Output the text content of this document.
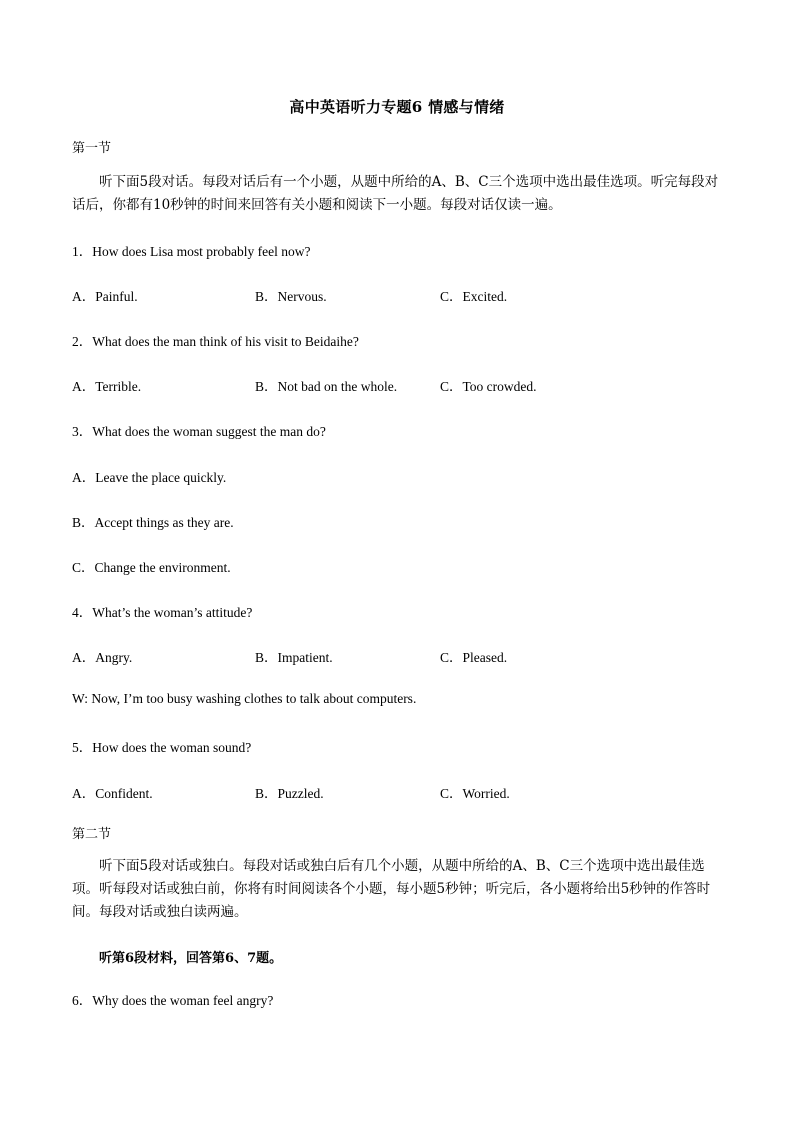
高中英语听力专题6 情感与情绪
第一节
听下面5段对话。每段对话后有一个小题，从题中所给的A、B、C三个选项中选出最佳选项。听完每段对话后，你都有10秒钟的时间来回答有关小题和阅读下一小题。每段对话仅读一遍。
1．How does Lisa most probably feel now?
A．Painful.	B．Nervous.	C．Excited.
2．What does the man think of his visit to Beidaihe?
A．Terrible.	B．Not bad on the whole.	C．Too crowded.
3．What does the woman suggest the man do?
A．Leave the place quickly.
B．Accept things as they are.
C．Change the environment.
4．What’s the woman’s attitude?
A．Angry.	B．Impatient.	C．Pleased.
W: Now, I’m too busy washing clothes to talk about computers.
5．How does the woman sound?
A．Confident.	B．Puzzled.	C．Worried.
第二节
听下面5段对话或独白。每段对话或独白后有几个小题，从题中所给的A、B、C三个选项中选出最佳选项。听每段对话或独白前，你将有时间阅读各个小题，每小题5秒钟；听完后，各小题将给出5秒钟的作答时间。每段对话或独白读两遍。
听第6段材料，回答第6、7题。
6．Why does the woman feel angry?
